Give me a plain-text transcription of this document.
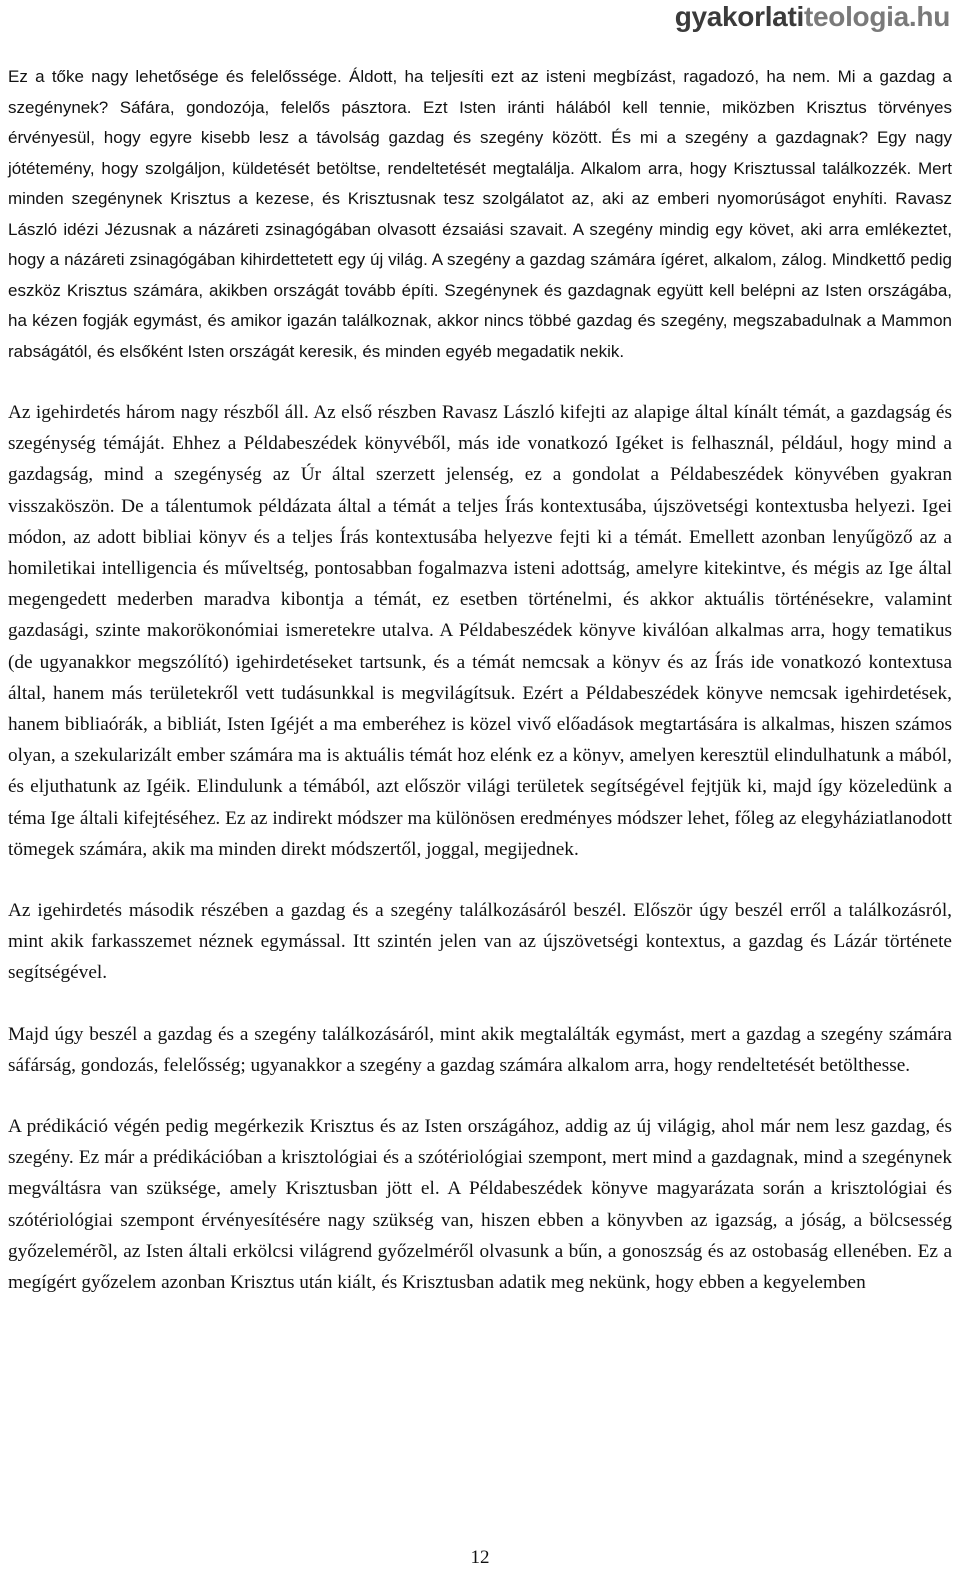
gyakorlatiteologia.hu

Ez a tőke nagy lehetősége és felelőssége. Áldott, ha teljesíti ezt az isteni megbízást, ragadozó, ha nem. Mi a gazdag a szegénynek? Sáfára, gondozója, felelős pásztora. Ezt Isten iránti hálából kell tennie, miközben Krisztus törvényes érvényesül, hogy egyre kisebb lesz a távolság gazdag és szegény között. És mi a szegény a gazdagnak? Egy nagy jótétemény, hogy szolgáljon, küldetését betöltse, rendeltetését megtalálja. Alkalom arra, hogy Krisztussal találkozzék. Mert minden szegénynek Krisztus a kezese, és Krisztusnak tesz szolgálatot az, aki az emberi nyomorúságot enyhíti. Ravasz László idézi Jézusnak a názáreti zsinagógában olvasott ézsaiási szavait. A szegény mindig egy követ, aki arra emlékeztet, hogy a názáreti zsinagógában kihirdettetett egy új világ. A szegény a gazdag számára ígéret, alkalom, zálog. Mindkettő pedig eszköz Krisztus számára, akikben országát tovább építi. Szegénynek és gazdagnak együtt kell belépni az Isten országába, ha kézen fogják egymást, és amikor igazán találkoznak, akkor nincs többé gazdag és szegény, megszabadulnak a Mammon rabságától, és elsőként Isten országát keresik, és minden egyéb megadatik nekik.

Az igehirdetés három nagy részből áll. Az első részben Ravasz László kifejti az alapige által kínált témát, a gazdagság és szegénység témáját. Ehhez a Példabeszédek könyvéből, más ide vonatkozó Igéket is felhasznál, például, hogy mind a gazdagság, mind a szegénység az Úr által szerzett jelenség, ez a gondolat a Példabeszédek könyvében gyakran visszaköszön. De a tálentumok példázata által a témát a teljes Írás kontextusába, újszövetségi kontextusba helyezi. Igei módon, az adott bibliai könyv és a teljes Írás kontextusába helyezve fejti ki a témát. Emellett azonban lenyűgöző az a homiletikai intelligencia és műveltség, pontosabban fogalmazva isteni adottság, amelyre kitekintve, és mégis az Ige által megengedett mederben maradva kibontja a témát, ez esetben történelmi, és akkor aktuális történésekre, valamint gazdasági, szinte makorökonómiai ismeretekre utalva. A Példabeszédek könyve kiválóan alkalmas arra, hogy tematikus (de ugyanakkor megszólító) igehirdetéseket tartsunk, és a témát nemcsak a könyv és az Írás ide vonatkozó kontextusa által, hanem más területekről vett tudásunkkal is megvilágítsuk. Ezért a Példabeszédek könyve nemcsak igehirdetések, hanem bibliaórák, a bibliát, Isten Igéjét a ma emberéhez is közel vivő előadások megtartására is alkalmas, hiszen számos olyan, a szekularizált ember számára ma is aktuális témát hoz elénk ez a könyv, amelyen keresztül elindulhatunk a mából, és eljuthatunk az Igéik. Elindulunk a témából, azt először világi területek segítségével fejtjük ki, majd így közeledünk a téma Ige általi kifejtéséhez. Ez az indirekt módszer ma különösen eredményes módszer lehet, főleg az elegyháziatlanodott tömegek számára, akik ma minden direkt módszertől, joggal, megijednek.

Az igehirdetés második részében a gazdag és a szegény találkozásáról beszél. Először úgy beszél erről a találkozásról, mint akik farkasszemet néznek egymással. Itt szintén jelen van az újszövetségi kontextus, a gazdag és Lázár története segítségével.

Majd úgy beszél a gazdag és a szegény találkozásáról, mint akik megtalálták egymást, mert a gazdag a szegény számára sáfárság, gondozás, felelősség; ugyanakkor a szegény a gazdag számára alkalom arra, hogy rendeltetését betölthesse.

A prédikáció végén pedig megérkezik Krisztus és az Isten országához, addig az új világig, ahol már nem lesz gazdag, és szegény. Ez már a prédikációban a krisztológiai és a szótériológiai szempont, mert mind a gazdagnak, mind a szegénynek megváltásra van szüksége, amely Krisztusban jött el. A Példabeszédek könyve magyarázata során a krisztológiai és szótériológiai szempont érvényesítésére nagy szükség van, hiszen ebben a könyvben az igazság, a jóság, a bölcsesség győzelemérõl, az Isten általi erkölcsi világrend győzelméről olvasunk a bűn, a gonoszság és az ostobaság ellenében. Ez a megígért győzelem azonban Krisztus után kiált, és Krisztusban adatik meg nekünk, hogy ebben a kegyelemben

12
